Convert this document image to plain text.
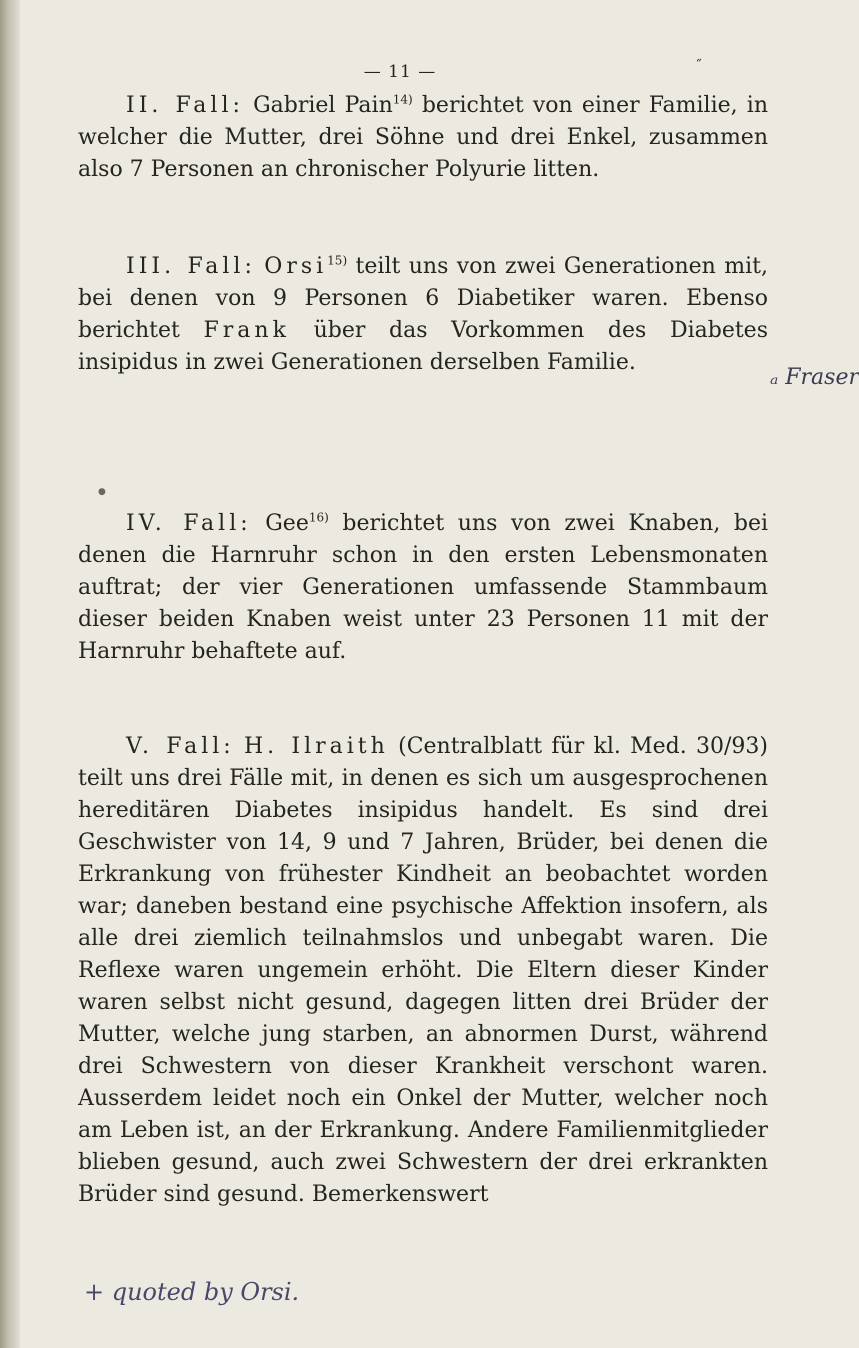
— 11 —	˝

II. Fall: Gabriel Pain$^{14)}$ berichtet von einer Familie, in welcher die Mutter, drei Söhne und drei Enkel, zusammen also 7 Personen an chronischer Polyurie litten.

III. Fall: Orsi$^{15)}$ teilt uns von zwei Generationen mit, bei denen von 9 Personen 6 Diabetiker waren. Ebenso berichtet Frank über das Vorkommen des Diabetes insipidus in zwei Generationen derselben Familie.

●

IV. Fall: Gee$^{16)}$ berichtet uns von zwei Knaben, bei denen die Harnruhr schon in den ersten Lebensmonaten auftrat; der vier Generationen umfassende Stammbaum dieser beiden Knaben weist unter 23 Personen 11 mit der Harnruhr behaftete auf.

V. Fall: H. Ilraith (Centralblatt für kl. Med. 30/93) teilt uns drei Fälle mit, in denen es sich um ausgesprochenen hereditären Diabetes insipidus handelt. Es sind drei Geschwister von 14, 9 und 7 Jahren, Brüder, bei denen die Erkrankung von frühester Kindheit an beobachtet worden war; daneben bestand eine psychische Affektion insofern, als alle drei ziemlich teilnahmslos und unbegabt waren. Die Reflexe waren ungemein erhöht. Die Eltern dieser Kinder waren selbst nicht gesund, dagegen litten drei Brüder der Mutter, welche jung starben, an abnormen Durst, während drei Schwestern von dieser Krankheit verschont waren. Ausserdem leidet noch ein Onkel der Mutter, welcher noch am Leben ist, an der Erkrankung. Andere Familienmitglieder blieben gesund, auch zwei Schwestern der drei erkrankten Brüder sind gesund. Bemerkenswert

ₐ Fraser
+ quoted by Orsi.
